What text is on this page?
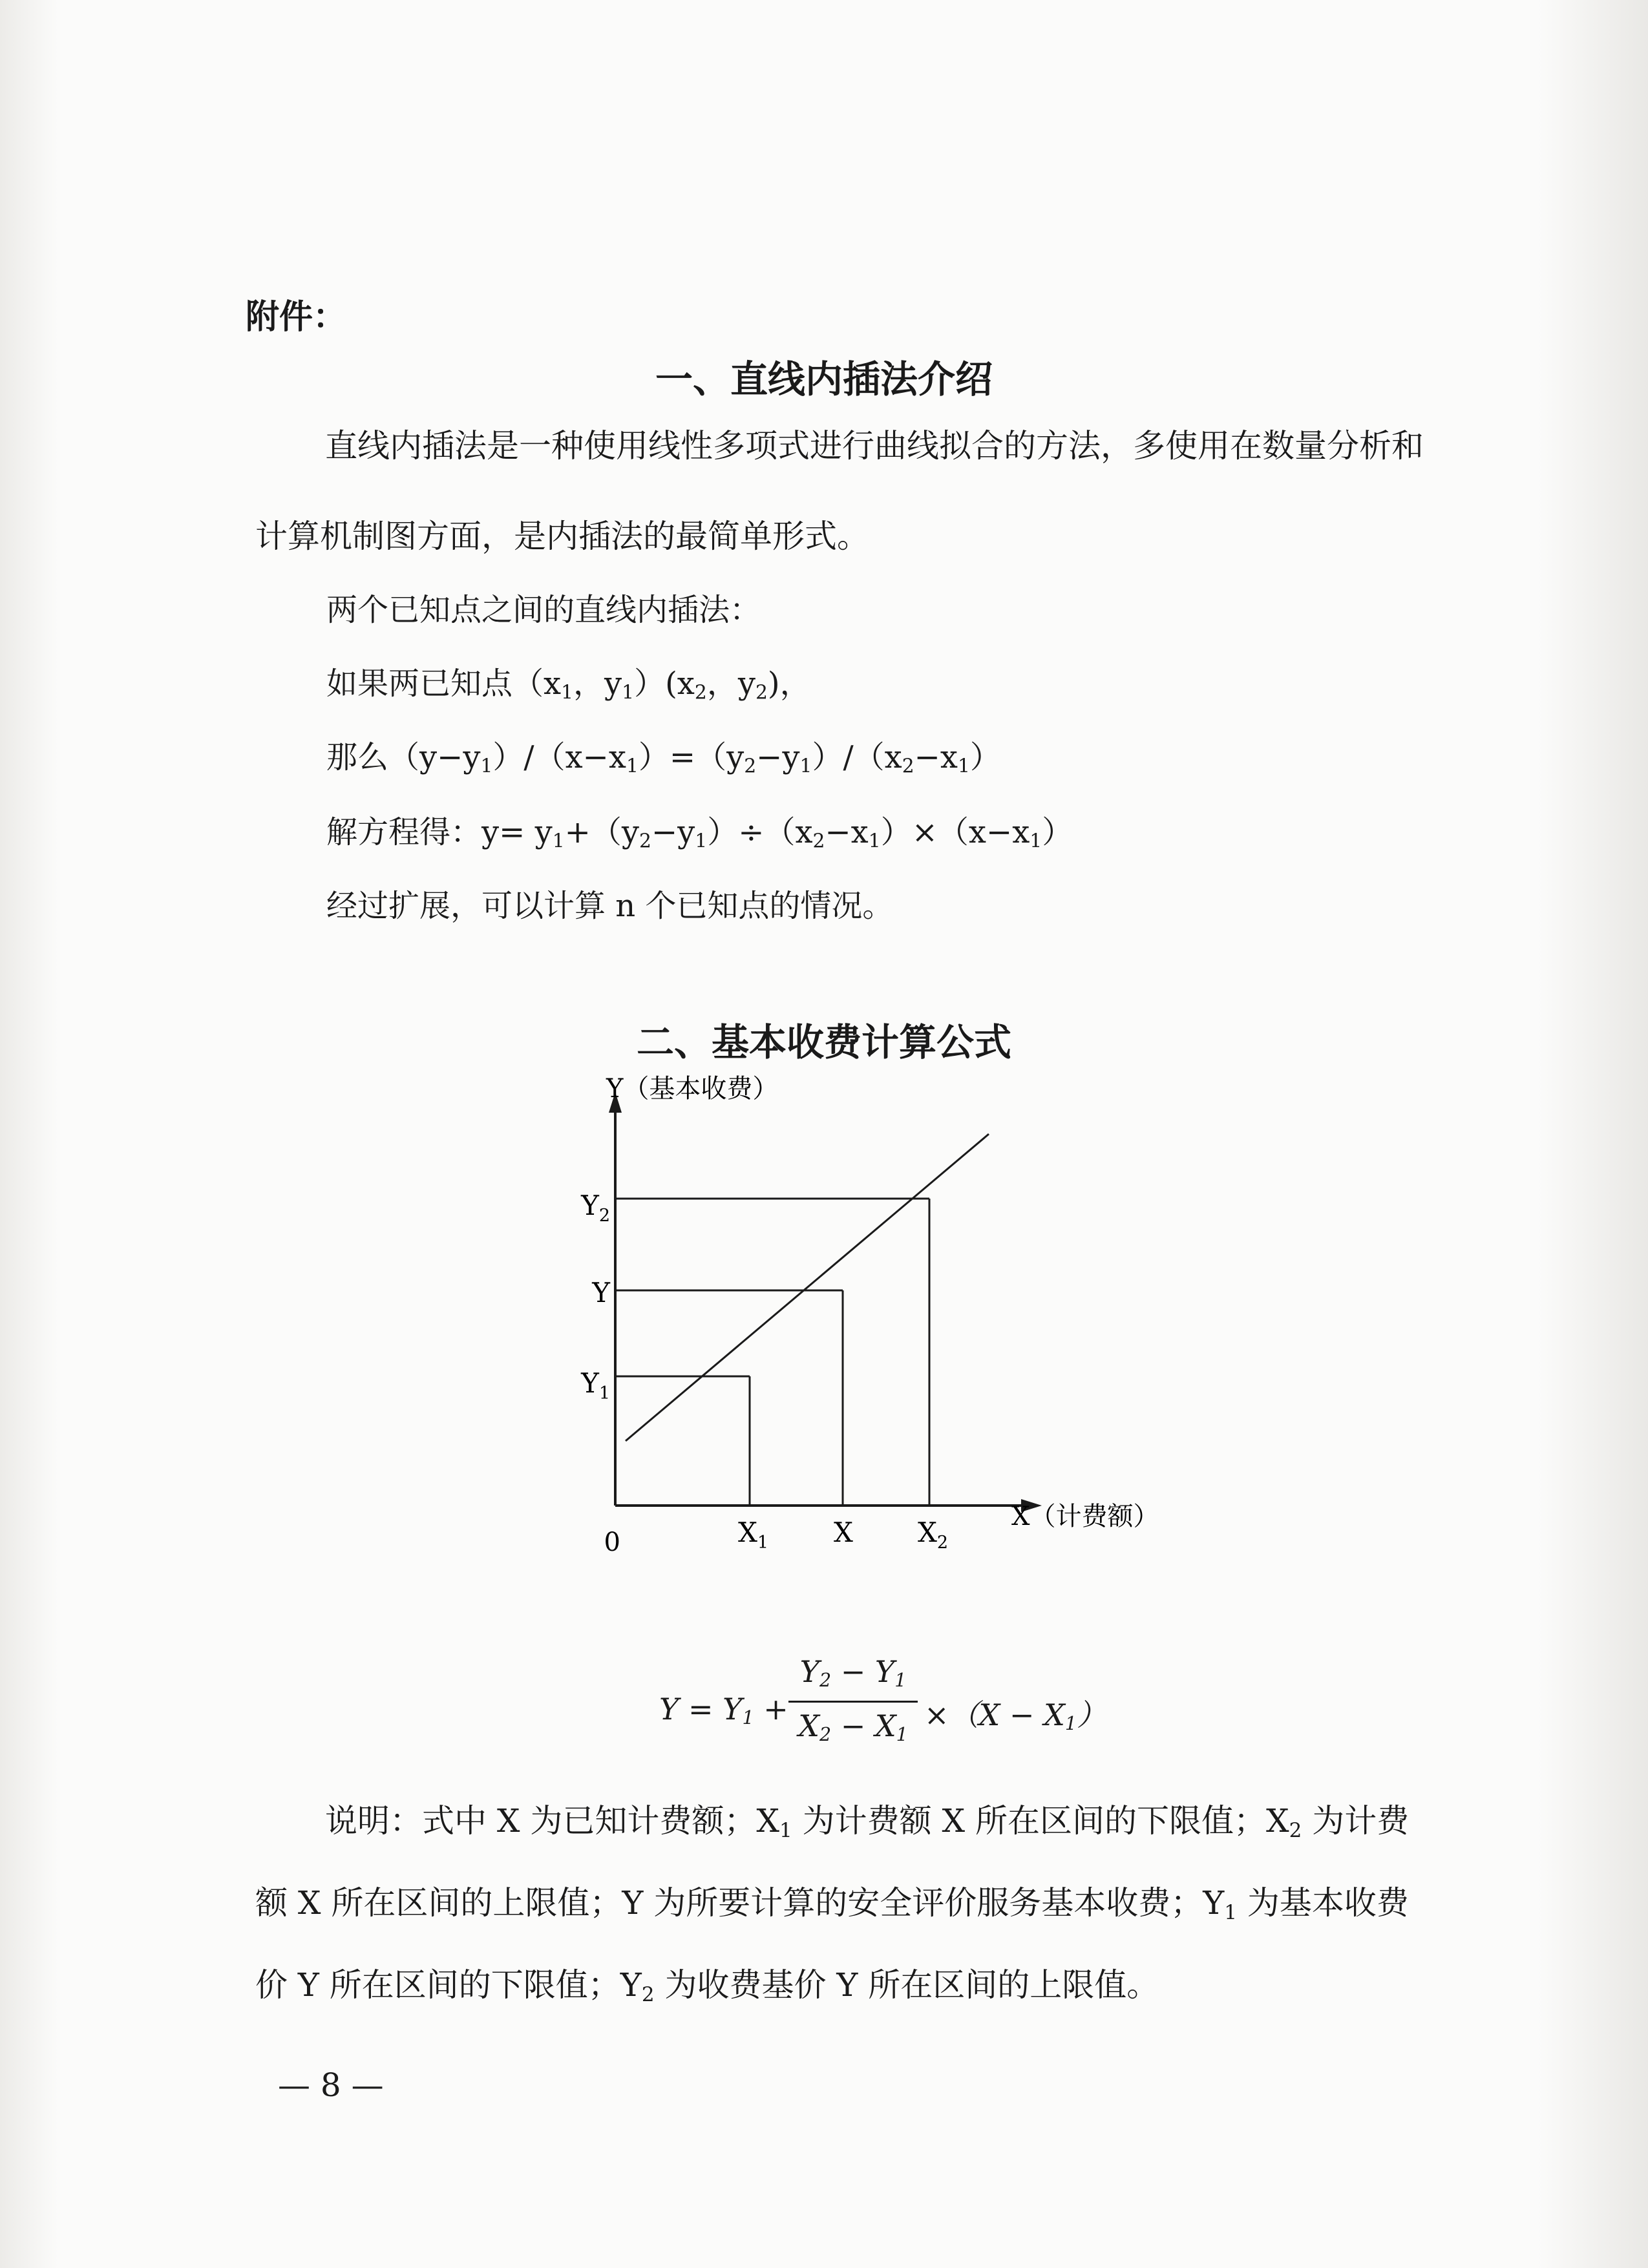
附件：
一、直线内插法介绍
直线内插法是一种使用线性多项式进行曲线拟合的方法，多使用在数量分析和计算机制图方面，是内插法的最简单形式。
两个已知点之间的直线内插法：
如果两已知点（$x_1$，$y_1)(x_2$，$y_2$)，
那么$(y-y_1)/(x-x_1)=(y_2-y_1)/(x_2-x_1)$
解方程得：$y= y_1+(y_2-y_1)\div(x_2-x_1)\times(x-x_1)$
经过扩展，可以计算 n 个已知点的情况。
二、基本收费计算公式
Y（基本收费）
0
X（计费额）
$Y_2$
Y
$Y_1$
$X_1$ X $X_2$
$Y = Y_1$ +
$Y_2 - Y_1$
$X_2 - X_1$
$\times(X - X_1)$
说明：式中 X 为已知计费额；$X_1$ 为计费额 X 所在区间的下限值；$X_2$ 为计费额 X 所在区间的上限值；Y 为所要计算的安全评价服务基本收费；$Y_1$ 为基本收费价 Y 所在区间的下限值；$Y_2$ 为收费基价 Y 所在区间的上限值。
— 8 —
